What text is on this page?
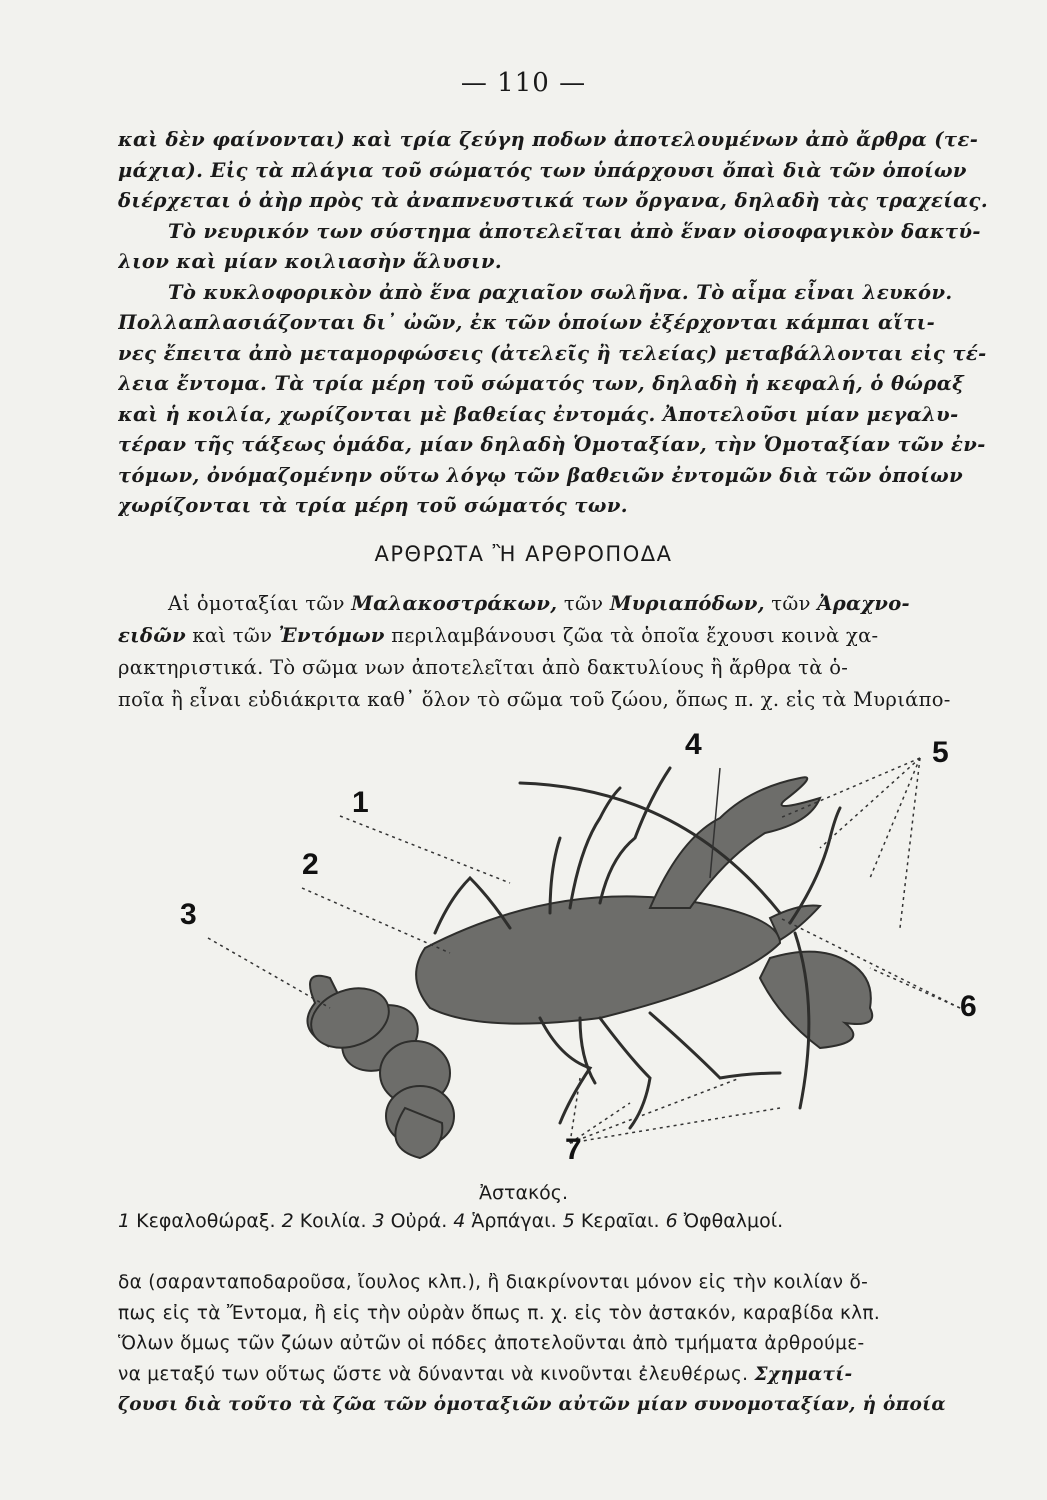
— 110 —
καὶ δὲν φαίνονται) καὶ τρία ζεύγη ποδων ἀποτελουμένων ἀπὸ ἄρθρα (τε-
μάχια). Εἰς τὰ πλάγια τοῦ σώματός των ὑπάρχουσι ὄπαὶ διὰ τῶν ὁποίων
διέρχεται ὁ ἀὴρ πρὸς τὰ ἀναπνευστικά των ὄργανα, δηλαδὴ τὰς τραχείας.
Τὸ νευρικόν των σύστημα ἀποτελεῖται ἀπὸ ἕναν οἰσοφαγικὸν δακτύ-
λιον καὶ μίαν κοιλιασὴν ἅλυσιν.
Τὸ κυκλοφορικὸν ἀπὸ ἕνα ραχιαῖον σωλῆνα. Τὸ αἷμα εἶναι λευκόν.
Πολλαπλασιάζονται δι᾽ ὠῶν, ἐκ τῶν ὁποίων ἐξέρχονται κάμπαι αἵτι-
νες ἔπειτα ἀπὸ μεταμορφώσεις (ἀτελεῖς ἢ τελείας) μεταβάλλονται εἰς τέ-
λεια ἔντομα. Τὰ τρία μέρη τοῦ σώματός των, δηλαδὴ ἡ κεφαλή, ὁ θώραξ
καὶ ἡ κοιλία, χωρίζονται μὲ βαθείας ἐντομάς. Ἀποτελοῦσι μίαν μεγαλυ-
τέραν τῆς τάξεως ὁμάδα, μίαν δηλαδὴ Ὁμοταξίαν, τὴν Ὁμοταξίαν τῶν ἐν-
τόμων, ὀνόμαζομένην οὕτω λόγῳ τῶν βαθειῶν ἐντομῶν διὰ τῶν ὁποίων
χωρίζονται τὰ τρία μέρη τοῦ σώματός των.
ΑΡΘΡΩΤΑ Ἢ ΑΡΘΡΟΠΟΔΑ
Αἱ ὁμοταξίαι τῶν Μαλακοστράκων, τῶν Μυριαπόδων, τῶν Ἀραχνο-
ειδῶν καὶ τῶν Ἐντόμων περιλαμβάνουσι ζῶα τὰ ὁποῖα ἔχουσι κοινὰ χα-
ρακτηριστικά. Τὸ σῶμα νων ἀποτελεῖται ἀπὸ δακτυλίους ἢ ἄρθρα τὰ ὁ-
ποῖα ἢ εἶναι εὐδιάκριτα καθ᾽ ὅλον τὸ σῶμα τοῦ ζώου, ὅπως π. χ. εἰς τὰ Μυριάπο-
1
2
3
4	5
6
7
Ἀστακός.
1 Κεφαλοθώραξ. 2 Κοιλία. 3 Οὐρά. 4 Ἁρπάγαι. 5 Κεραῖαι. 6 Ὀφθαλμοί.
δα (σαρανταποδαροῦσα, ἴουλος κλπ.), ἢ διακρίνονται μόνον εἰς τὴν κοιλίαν ὅ-
πως εἰς τὰ Ἔντομα, ἢ εἰς τὴν οὐρὰν ὅπως π. χ. εἰς τὸν ἀστακόν, καραβίδα κλπ.
Ὅλων ὅμως τῶν ζώων αὐτῶν οἱ πόδες ἀποτελοῦνται ἀπὸ τμήματα ἀρθρούμε-
να μεταξύ των οὕτως ὥστε νὰ δύνανται νὰ κινοῦνται ἐλευθέρως. Σχηματί-
ζουσι διὰ τοῦτο τὰ ζῶα τῶν ὁμοταξιῶν αὐτῶν μίαν συνομοταξίαν, ἡ ὁποία
